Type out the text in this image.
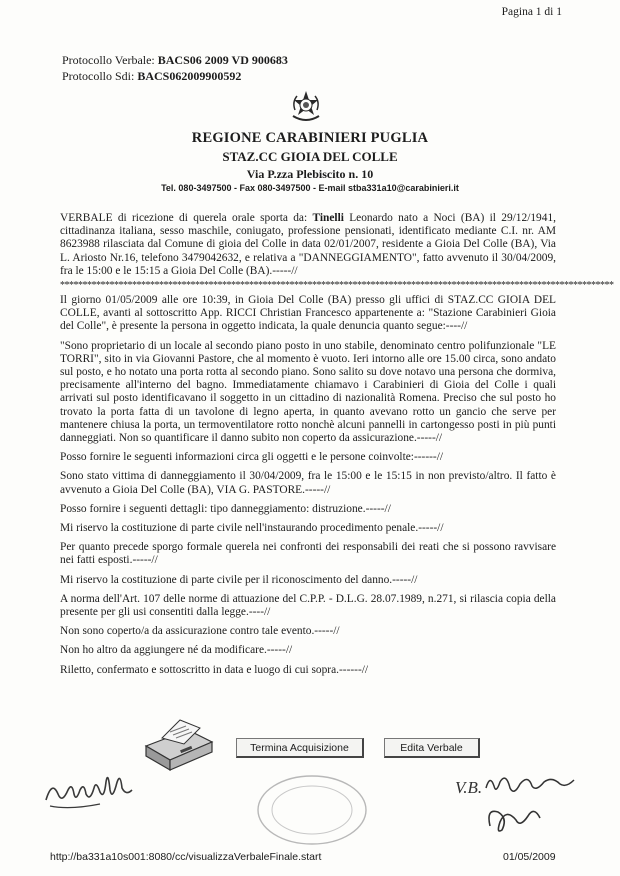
Pagina 1 di 1
Protocollo Verbale: BACS06 2009 VD 900683
Protocollo Sdi: BACS062009900592
REGIONE CARABINIERI PUGLIA
STAZ.CC GIOIA DEL COLLE
Via P.zza Plebiscito n. 10
Tel. 080-3497500 - Fax 080-3497500 - E-mail stba331a10@carabinieri.it

VERBALE di ricezione di querela orale sporta da: Tinelli Leonardo nato a Noci (BA) il 29/12/1941, cittadinanza italiana, sesso maschile, coniugato, professione pensionati, identificato mediante C.I. nr. AM 8623988 rilasciata dal Comune di gioia del Colle in data 02/01/2007, residente a Gioia Del Colle (BA), Via L. Ariosto Nr.16, telefono 3479042632, e relativa a "DANNEGGIAMENTO", fatto avvenuto il 30/04/2009, fra le 15:00 e le 15:15 a Gioia Del Colle (BA).-----//

***************************************************************************************************************************

Il giorno 01/05/2009 alle ore 10:39, in Gioia Del Colle (BA) presso gli uffici di STAZ.CC GIOIA DEL COLLE, avanti al sottoscritto App. RICCI Christian Francesco appartenente a: "Stazione Carabinieri Gioia del Colle", è presente la persona in oggetto indicata, la quale denuncia quanto segue:----//

"Sono proprietario di un locale al secondo piano posto in uno stabile, denominato centro polifunzionale "LE TORRI", sito in via Giovanni Pastore, che al momento è vuoto. Ieri intorno alle ore 15.00 circa, sono andato sul posto, e ho notato una porta rotta al secondo piano. Sono salito su dove notavo una persona che dormiva, precisamente all'interno del bagno. Immediatamente chiamavo i Carabinieri di Gioia del Colle i quali arrivati sul posto identificavano il soggetto in un cittadino di nazionalità Romena. Preciso che sul posto ho trovato la porta fatta di un tavolone di legno aperta, in quanto avevano rotto un gancio che serve per mantenere chiusa la porta, un termoventilatore rotto nonchè alcuni pannelli in cartongesso posti in più punti danneggiati. Non so quantificare il danno subito non coperto da assicurazione.-----//

Posso fornire le seguenti informazioni circa gli oggetti e le persone coinvolte:------//

Sono stato vittima di danneggiamento il 30/04/2009, fra le 15:00 e le 15:15 in non previsto/altro. Il fatto è avvenuto a Gioia Del Colle (BA), VIA G. PASTORE.-----//

Posso fornire i seguenti dettagli: tipo danneggiamento: distruzione.-----//

Mi riservo la costituzione di parte civile nell'instaurando procedimento penale.-----//

Per quanto precede sporgo formale querela nei confronti dei responsabili dei reati che si possono ravvisare nei fatti esposti.-----//

Mi riservo la costituzione di parte civile per il riconoscimento del danno.-----//

A norma dell'Art. 107 delle norme di attuazione del C.P.P. - D.L.G. 28.07.1989, n.271, si rilascia copia della presente per gli usi consentiti dalla legge.----//

Non sono coperto/a da assicurazione contro tale evento.-----//

Non ho altro da aggiungere né da modificare.-----//

Riletto, confermato e sottoscritto in data e luogo di cui sopra.------//

Termina Acquisizione	Edita Verbale
V.B.
http://ba331a10s001:8080/cc/visualizzaVerbaleFinale.start	01/05/2009
